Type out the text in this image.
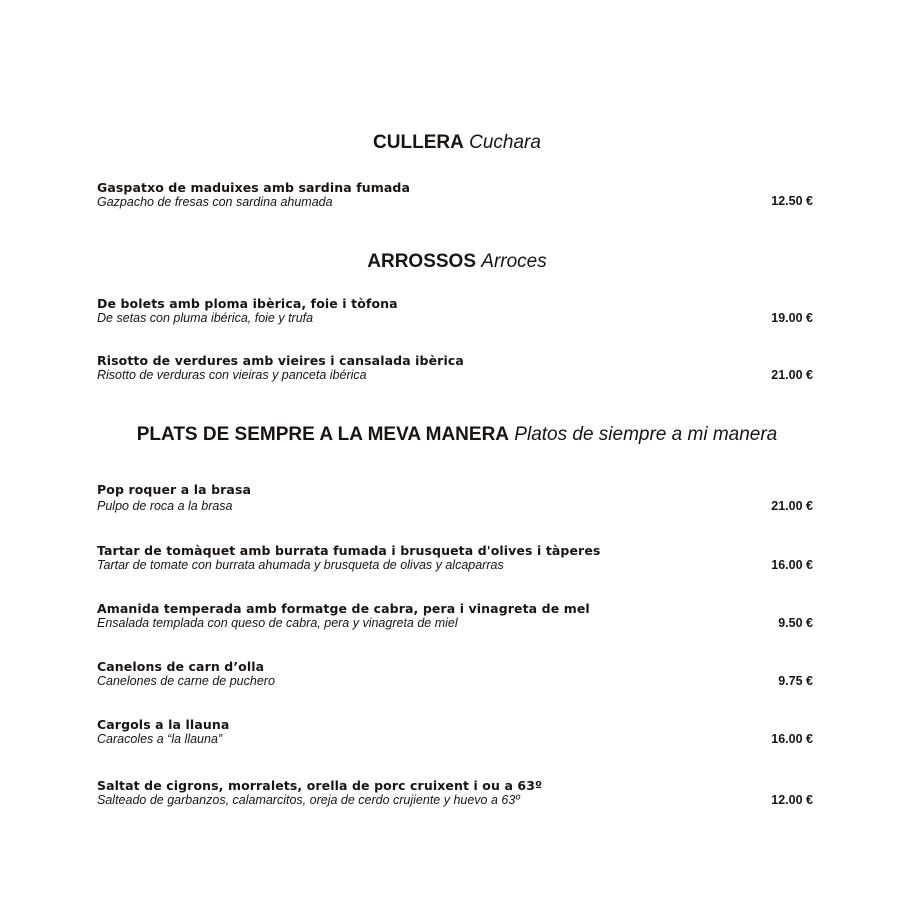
CULLERA Cuchara
Gaspatxo de maduixes amb sardina fumada
Gazpacho de fresas con sardina ahumada	12.50 €
ARROSSOS Arroces
De bolets amb ploma ibèrica, foie i tòfona
De setas con pluma ibérica, foie y trufa	19.00 €
Risotto de verdures amb vieires i cansalada ibèrica
Risotto de verduras con vieiras y panceta ibérica	21.00 €
PLATS DE SEMPRE A LA MEVA MANERA Platos de siempre a mi manera
Pop roquer a la brasa
Pulpo de roca a la brasa	21.00 €
Tartar de tomàquet amb burrata fumada i brusqueta d'olives i tàperes
Tartar de tomate con burrata ahumada y brusqueta de olivas y alcaparras	16.00 €
Amanida temperada amb formatge de cabra, pera i vinagreta de mel
Ensalada templada con queso de cabra, pera y vinagreta de miel	9.50 €
Canelons de carn d’olla
Canelones de carne de puchero	9.75 €
Cargols a la llauna
Caracoles a “la llauna”	16.00 €
Saltat de cigrons, morralets, orella de porc cruixent i ou a 63º
Salteado de garbanzos, calamarcitos, oreja de cerdo crujiente y huevo a 63º	12.00 €
